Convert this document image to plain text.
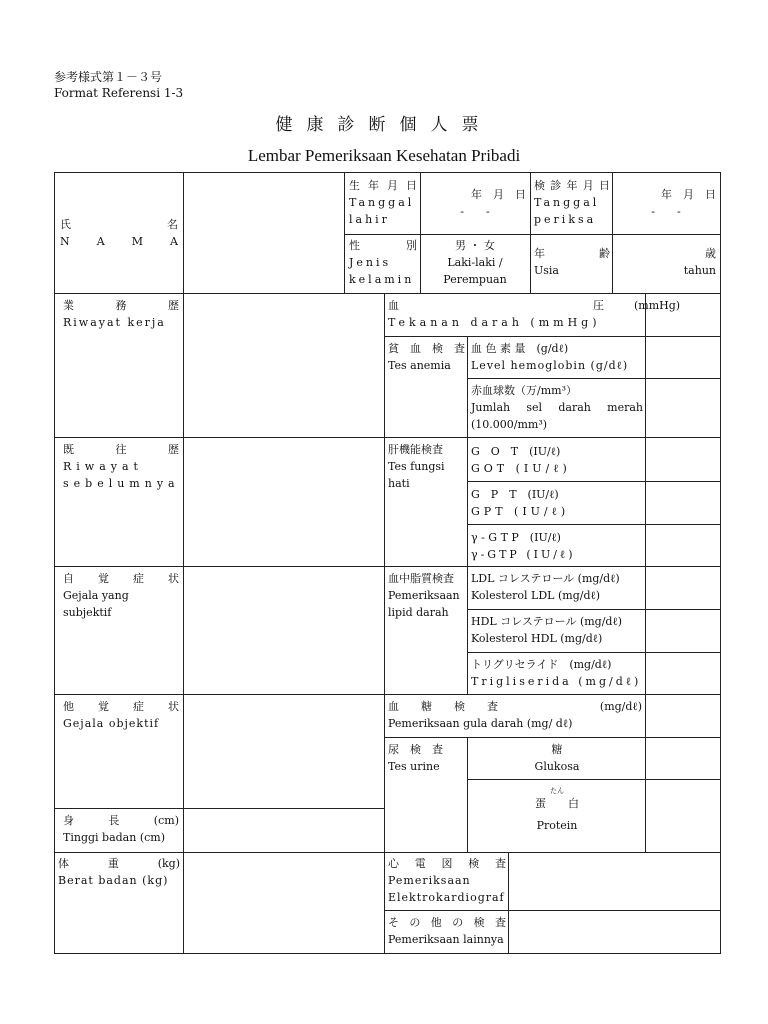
参考様式第１－３号
Format Referensi 1-3
健康診断個人票
Lembar Pemeriksaan Kesehatan Pribadi
氏　　　　名
N A M A
生年月日
Tanggal lahir
年　月　日
-　　-
検診年月日
Tanggal periksa
年　月　日
-　　-
性　　別
Jenis kelamin
男 ・ 女
Laki-laki / Perempuan
年　　齢
Usia
歳
tahun
業　務　歴
Riwayat kerja
既　往　歴
Riwayat sebelumnya
自　覚　症　状
Gejala yang subjektif
他　覚　症　状
Gejala objektif
身　長　(cm)
Tinggi badan (cm)
体　重　(kg)
Berat badan (kg)
血　　　　圧 (mmHg)
Tekanan darah (mmHg)
貧血検査
Tes anemia
血 色 素 量　(g/dℓ)
Level hemoglobin (g/dℓ)
赤血球数（万/mm³）
Jumlah sel darah merah (10.000/mm³)
肝機能検査
Tes fungsi hati
G　O　T　(IU/ℓ)
GOT (IU/ℓ)
G　P　T　(IU/ℓ)
GPT (IU/ℓ)
γ - G T P　(IU/ℓ)
γ-GTP (IU/ℓ)
血中脂質検査
Pemeriksaan lipid darah
LDL コレステロール (mg/dℓ)
Kolesterol LDL (mg/dℓ)
HDL コレステロール (mg/dℓ)
Kolesterol HDL (mg/dℓ)
トリグリセライド　(mg/dℓ)
Trigliserida (mg/dℓ)
血　　糖　　検　　査	(mg/dℓ)
Pemeriksaan gula darah (mg/ dℓ)
尿　検　査
Tes urine
糖
Glukosa
たん
蛋　　白
Protein
心電図検査
Pemeriksaan Elektrokardiograf
その他の検査
Pemeriksaan lainnya
